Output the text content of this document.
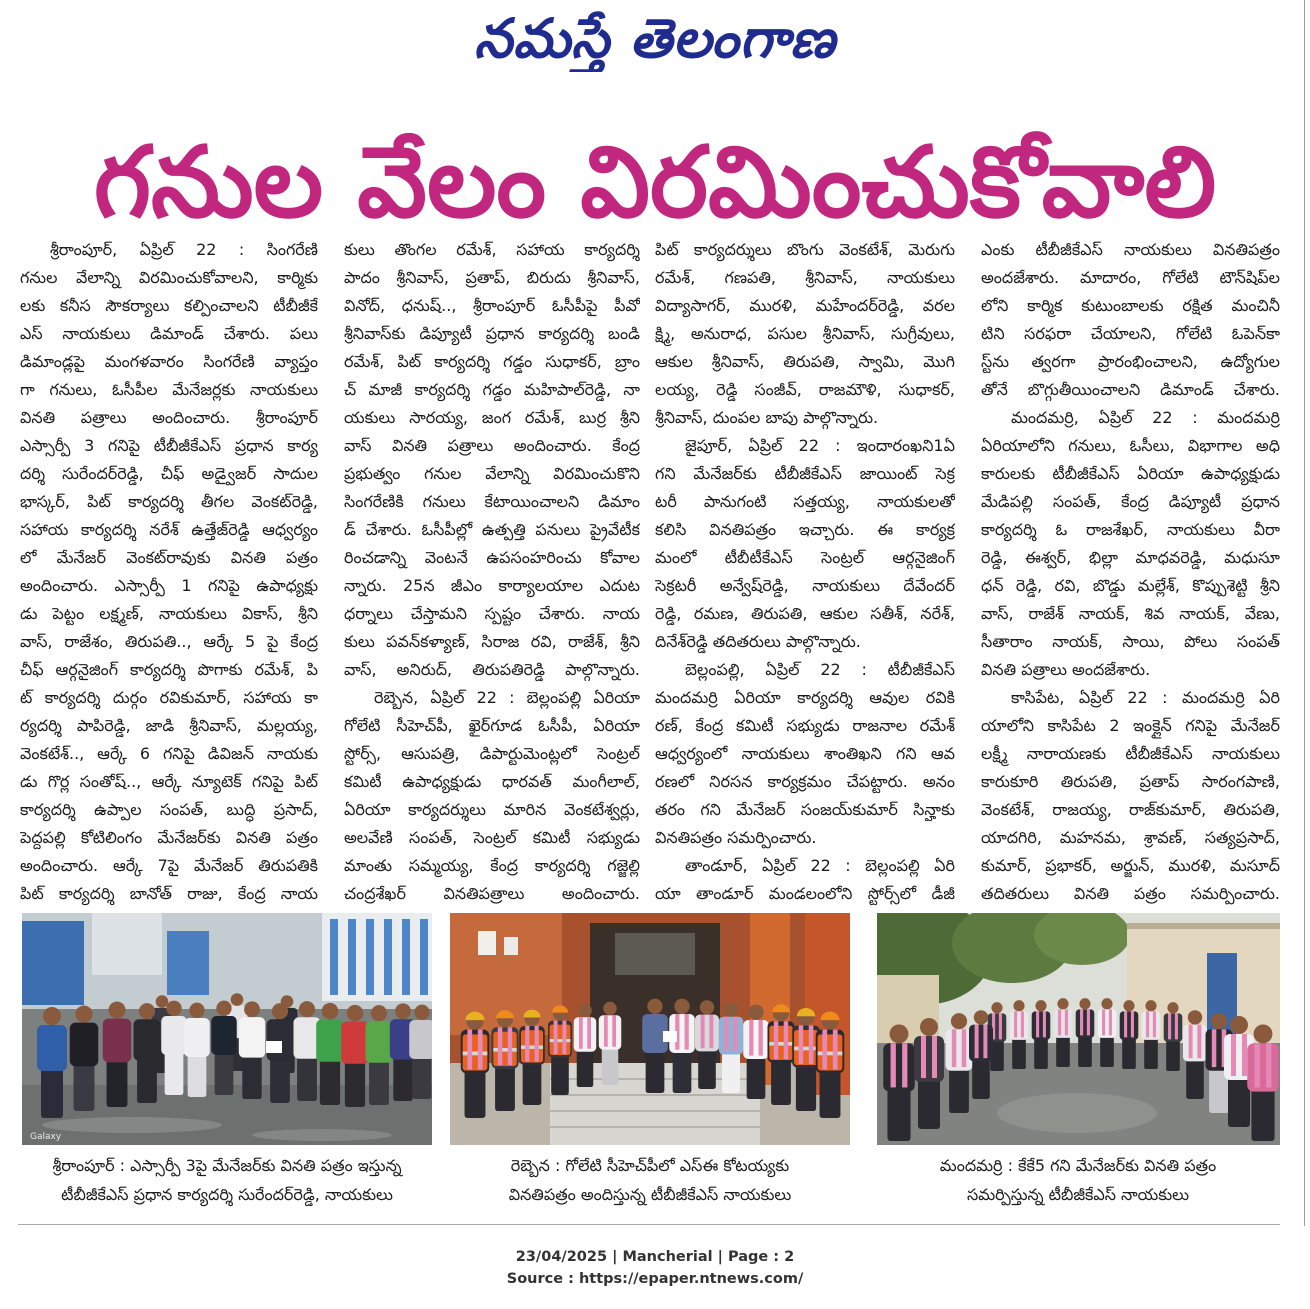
నమస్తే తెలంగాణ
గనుల వేలం విరమించుకోవాలి
శ్రీరాంపూర్, ఏప్రిల్ 22 : సింగరేణి
గనుల వేలాన్ని విరమించుకోవాలని, కార్మికు
లకు కనీస సౌకర్యాలు కల్పించాలని టీబీజీకే
ఎస్ నాయకులు డిమాండ్ చేశారు. పలు
డిమాండ్లపై మంగళవారం సింగరేణి వ్యాప్తం
గా గనులు, ఓసీపీల మేనేజర్లకు నాయకులు
వినతి పత్రాలు అందించారు. శ్రీరాంపూర్
ఎస్సార్పీ 3 గనిపై టీబీజీకేఎస్ ప్రధాన కార్య
దర్శి సురేందర్‌రెడ్డి, చీఫ్ అడ్వైజర్ సాదుల
భాస్కర్, పిట్ కార్యదర్శి తీగల వెంకట్‌రెడ్డి,
సహాయ కార్యదర్శి నరేశ్ ఉత్తేజ్‌రెడ్డి ఆధ్వర్యం
లో మేనేజర్ వెంకట్‌రావుకు వినతి పత్రం
అందించారు. ఎస్సార్పీ 1 గనిపై ఉపాధ్యక్షు
డు పెట్టం లక్ష్మణ్, నాయకులు వికాస్, శ్రీని
వాస్, రాజేశం, తిరుపతి.., ఆర్కే 5 పై కేంద్ర
చీఫ్ ఆర్గనైజింగ్ కార్యదర్శి పొగాకు రమేశ్, పి
ట్ కార్యదర్శి దుర్గం రవికుమార్, సహాయ కా
ర్యదర్శి పాపిరెడ్డి, జాడి శ్రీనివాస్, మల్లయ్య,
వెంకటేశ్.., ఆర్కే 6 గనిపై డివిజన్ నాయకు
డు గొర్ల సంతోష్.., ఆర్కే న్యూటెక్ గనిపై పిట్
కార్యదర్శి ఉప్పాల సంపత్, బుద్ధి ప్రసాద్,
పెద్దపల్లి కోటిలింగం మేనేజర్‌కు వినతి పత్రం
అందించారు. ఆర్కే 7పై మేనేజర్ తిరుపతికి
పిట్ కార్యదర్శి బానోత్ రాజు, కేంద్ర నాయ
కులు తొంగల రమేశ్, సహాయ కార్యదర్శి
పాదం శ్రీనివాస్, ప్రతాప్, బిరుదు శ్రీనివాస్,
వినోద్, ధనుష్.., శ్రీరాంపూర్ ఓసీపీపై పీవో
శ్రీనివాస్‌కు డిప్యూటీ ప్రధాన కార్యదర్శి బండి
రమేశ్, పిట్ కార్యదర్శి గడ్డం సుధాకర్, బ్రాం
చ్ మాజీ కార్యదర్శి గడ్డం మహిపాల్‌రెడ్డి, నా
యకులు సారయ్య, జంగ రమేశ్, బుర్ర శ్రీని
వాస్ వినతి పత్రాలు అందించారు. కేంద్ర
ప్రభుత్వం గనుల వేలాన్ని విరమించుకొని
సింగరేణికి గనులు కేటాయించాలని డిమాం
డ్ చేశారు. ఓసీపీల్లో ఉత్పత్తి పనులు ప్రైవేటీక
రించడాన్ని వెంటనే ఉపసంహరించు కోవాల
న్నారు. 25న జీఎం కార్యాలయాల ఎదుట
ధర్నాలు చేస్తామని స్పష్టం చేశారు. నాయ
కులు పవన్‌కళ్యాణ్, సిరాజ రవి, రాజేశ్, శ్రీని
వాస్, అనిరుద్, తిరుపతిరెడ్డి పాల్గొన్నారు.
రెబ్బెన, ఏప్రిల్ 22 : బెల్లంపల్లి ఏరియా
గోలేటి సీహెచ్‌పీ, ఖైర్‌గూడ ఓసీపీ, ఏరియా
స్టోర్స్, ఆసుపత్రి, డిపార్టుమెంట్లలో సెంట్రల్
కమిటీ ఉపాధ్యక్షుడు ధారవత్ మంగీలాల్,
ఏరియా కార్యదర్శులు మారిన వెంకటేశ్వర్లు,
అలవేణి సంపత్, సెంట్రల్ కమిటీ సభ్యుడు
మాంతు సమ్మయ్య, కేంద్ర కార్యదర్శి గజ్జెల్లి
చంద్రశేఖర్ వినతిపత్రాలు అందించారు.
పిట్ కార్యదర్శులు బొంగు వెంకటేశ్, మెరుగు
రమేశ్, గణపతి, శ్రీనివాస్, నాయకులు
విద్యాసాగర్, మురళి, మహేందర్‌రెడ్డి, వరల
క్ష్మి, అనురాధ, పసుల శ్రీనివాస్, సుగ్రీవులు,
ఆకుల శ్రీనివాస్, తిరుపతి, స్వామి, మొగి
లయ్య, రెడ్డి సంజీవ్, రాజమౌళి, సుధాకర్,
శ్రీనివాస్, దుంపల బాపు పాల్గొన్నారు.
జైపూర్, ఏప్రిల్ 22 : ఇందారంఖని1ఏ
గని మేనేజర్‌కు టీబీజీకేఎస్ జాయింట్ సెక్ర
టరీ పానుగంటి సత్తయ్య, నాయకులతో
కలిసి వినతిపత్రం ఇచ్చారు. ఈ కార్యక్ర
మంలో టీబీటీకేఎస్ సెంట్రల్ ఆర్గనైజింగ్
సెక్రటరీ అన్వేష్‌రెడ్డి, నాయకులు దేవేందర్
రెడ్డి, రమణ, తిరుపతి, ఆకుల సతీశ్, నరేశ్,
దినేశ్‌రెడ్డి తదితరులు పాల్గొన్నారు.
బెల్లంపల్లి, ఏప్రిల్ 22 : టీబీజీకేఎస్
మందమర్రి ఏరియా కార్యదర్శి ఆవుల రవికి
రణ్, కేంద్ర కమిటీ సభ్యుడు రాజనాల రమేశ్
ఆధ్వర్యంలో నాయకులు శాంతిఖని గని ఆవ
రణలో నిరసన కార్యక్రమం చేపట్టారు. అనం
తరం గని మేనేజర్ సంజయ్‌కుమార్ సిన్హాకు
వినతిపత్రం సమర్పించారు.
తాండూర్, ఏప్రిల్ 22 : బెల్లంపల్లి ఏరి
యా తాండూర్ మండలంలోని స్టోర్స్‌లో డీజీ
ఎంకు టీబీజీకేఎస్ నాయకులు వినతిపత్రం
అందజేశారు. మాదారం, గోలేటి టౌన్‌షిప్‌ల
లోని కార్మిక కుటుంబాలకు రక్షిత మంచినీ
టిని సరఫరా చేయాలని, గోలేటి ఓపెన్‌కా
స్ట్‌ను త్వరగా ప్రారంభించాలని, ఉద్యోగుల
తోనే బొగ్గుతీయించాలని డిమాండ్ చేశారు.
మందమర్రి, ఏప్రిల్ 22 : మందమర్రి
ఏరియాలోని గనులు, ఓసీలు, విభాగాల అధి
కారులకు టీబీజీకేఎస్ ఏరియా ఉపాధ్యక్షుడు
మేడిపల్లి సంపత్, కేంద్ర డిప్యూటీ ప్రధాన
కార్యదర్శి ఓ రాజశేఖర్, నాయకులు వీరా
రెడ్డి, ఈశ్వర్, భిల్లా మాధవరెడ్డి, మధుసూ
ధన్ రెడ్డి, రవి, బొడ్డు మల్లేశ్, కొప్పుశెట్టి శ్రీని
వాస్, రాజేశ్ నాయక్, శివ నాయక్, వేణు,
సీతారాం నాయక్, సాయి, పోలు సంపత్
వినతి పత్రాలు అందజేశారు.
కాసిపేట, ఏప్రిల్ 22 : మందమర్రి ఏరి
యాలోని కాసిపేట 2 ఇంక్లైన్ గనిపై మేనేజర్
లక్ష్మీ నారాయణకు టీబీజీకేఎస్ నాయకులు
కారుకూరి తిరుపతి, ప్రతాప్ సారంగపాణి,
వెంకటేశ్, రాజయ్య, రాజ్‌కుమార్, తిరుపతి,
యాదగిరి, మహనమ, శ్రావణ్, సత్యప్రసాద్,
కుమార్, ప్రభాకర్, అర్జున్, మురళి, మసూద్
తదితరులు వినతి పత్రం సమర్పించారు.
Galaxy
శ్రీరాంపూర్ : ఎస్సార్పీ 3పై మేనేజర్‌కు వినతి పత్రం ఇస్తున్న
టీబీజీకేఎస్ ప్రధాన కార్యదర్శి సురేందర్‌రెడ్డి, నాయకులు
రెబ్బెన : గోలేటి సీహెచ్‌పీలో ఎస్ఈ కోటయ్యకు
వినతిపత్రం అందిస్తున్న టీబీజీకేఎస్ నాయకులు
మందమర్రి : కేకే5 గని మేనేజర్‌కు వినతి పత్రం
సమర్పిస్తున్న టీబీజీకేఎస్ నాయకులు
23/04/2025 | Mancherial | Page : 2
Source : https://epaper.ntnews.com/
